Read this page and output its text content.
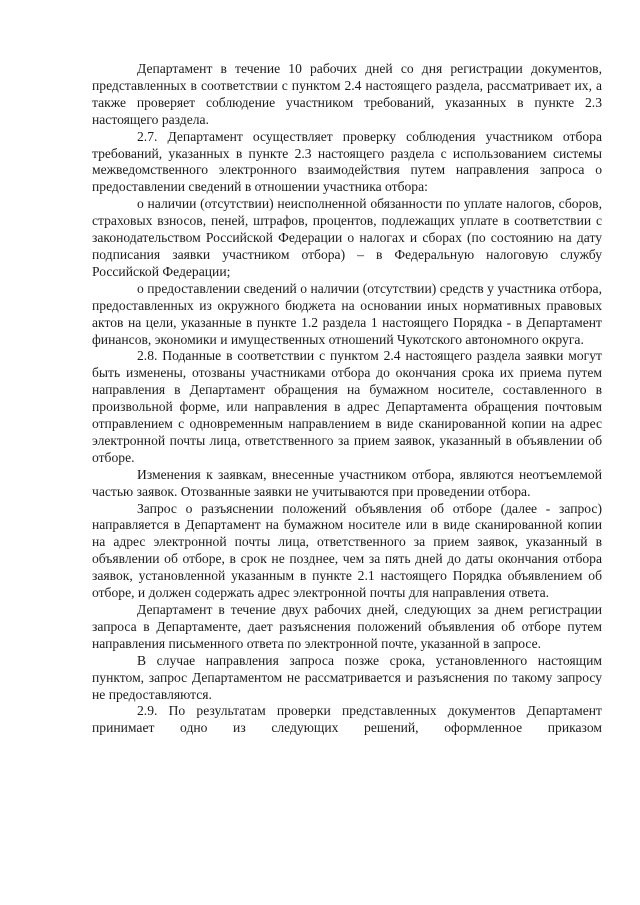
Департамент в течение 10 рабочих дней со дня регистрации документов, представленных в соответствии с пунктом 2.4 настоящего раздела, рассматривает их, а также проверяет соблюдение участником требований, указанных в пункте 2.3 настоящего раздела.

2.7. Департамент осуществляет проверку соблюдения участником отбора требований, указанных в пункте 2.3 настоящего раздела с использованием системы межведомственного электронного взаимодействия путем направления запроса о предоставлении сведений в отношении участника отбора:

о наличии (отсутствии) неисполненной обязанности по уплате налогов, сборов, страховых взносов, пеней, штрафов, процентов, подлежащих уплате в соответствии с законодательством Российской Федерации о налогах и сборах (по состоянию на дату подписания заявки участником отбора) – в Федеральную налоговую службу Российской Федерации;

о предоставлении сведений о наличии (отсутствии) средств у участника отбора, предоставленных из окружного бюджета на основании иных нормативных правовых актов на цели, указанные в пункте 1.2 раздела 1 настоящего Порядка - в Департамент финансов, экономики и имущественных отношений Чукотского автономного округа.

2.8. Поданные в соответствии с пунктом 2.4 настоящего раздела заявки могут быть изменены, отозваны участниками отбора до окончания срока их приема путем направления в Департамент обращения на бумажном носителе, составленного в произвольной форме, или направления в адрес Департамента обращения почтовым отправлением с одновременным направлением в виде сканированной копии на адрес электронной почты лица, ответственного за прием заявок, указанный в объявлении об отборе.

Изменения к заявкам, внесенные участником отбора, являются неотъемлемой частью заявок. Отозванные заявки не учитываются при проведении отбора.

Запрос о разъяснении положений объявления об отборе (далее - запрос) направляется в Департамент на бумажном носителе или в виде сканированной копии на адрес электронной почты лица, ответственного за прием заявок, указанный в объявлении об отборе, в срок не позднее, чем за пять дней до даты окончания отбора заявок, установленной указанным в пункте 2.1 настоящего Порядка объявлением об отборе, и должен содержать адрес электронной почты для направления ответа.

Департамент в течение двух рабочих дней, следующих за днем регистрации запроса в Департаменте, дает разъяснения положений объявления об отборе путем направления письменного ответа по электронной почте, указанной в запросе.

В случае направления запроса позже срока, установленного настоящим пунктом, запрос Департаментом не рассматривается и разъяснения по такому запросу не предоставляются.

2.9. По результатам проверки представленных документов Департамент принимает одно из следующих решений, оформленное приказом
